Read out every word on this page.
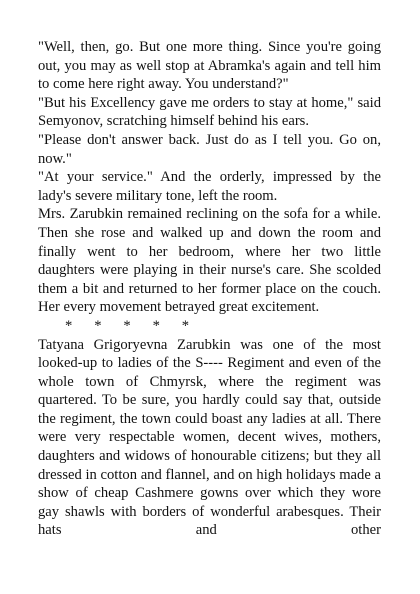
"Well, then, go. But one more thing. Since you're going out, you may as well stop at Abramka's again and tell him to come here right away. You understand?"

"But his Excellency gave me orders to stay at home," said Semyonov, scratching himself behind his ears.

"Please don't answer back. Just do as I tell you. Go on, now."

"At your service." And the orderly, impressed by the lady's severe military tone, left the room.

Mrs. Zarubkin remained reclining on the sofa for a while. Then she rose and walked up and down the room and finally went to her bedroom, where her two little daughters were playing in their nurse's care. She scolded them a bit and returned to her former place on the couch. Her every movement betrayed great excitement.

*      *      *      *      *

Tatyana Grigoryevna Zarubkin was one of the most looked-up to ladies of the S---- Regiment and even of the whole town of Chmyrsk, where the regiment was quartered. To be sure, you hardly could say that, outside the regiment, the town could boast any ladies at all. There were very respectable women, decent wives, mothers, daughters and widows of honourable citizens; but they all dressed in cotton and flannel, and on high holidays made a show of cheap Cashmere gowns over which they wore gay shawls with borders of wonderful arabesques. Their hats and other
